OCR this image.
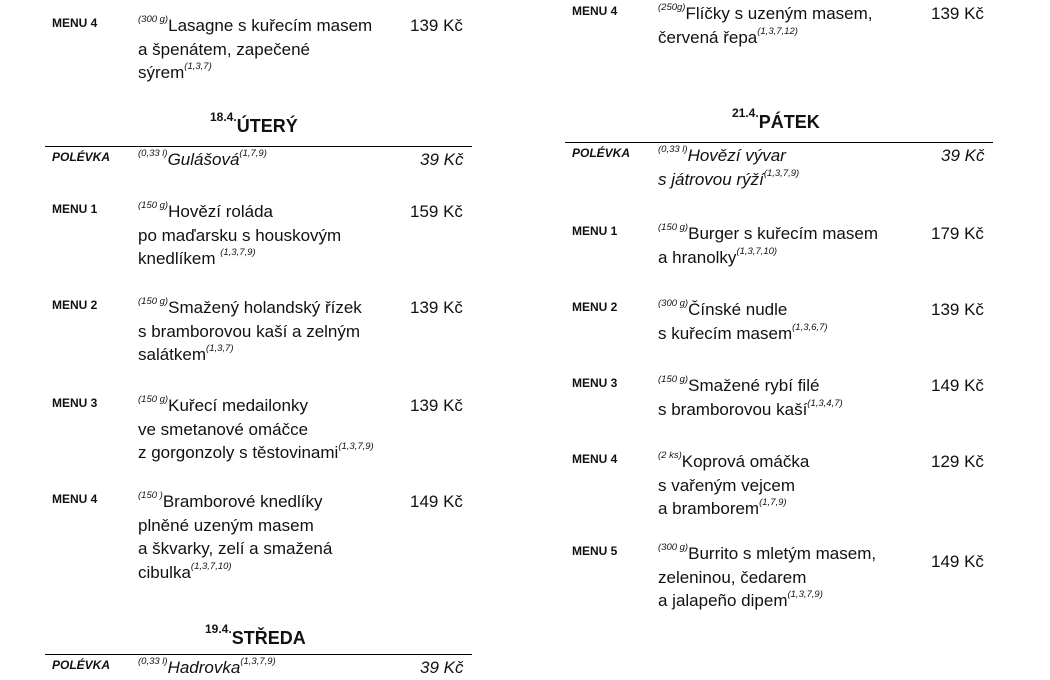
MENU 4	$^{(300 g)}$Lasagne s kuřecím masem
a špenátem, zapečené
sýrem$^{(1,3,7)}$
139 Kč
$^{18.4.}$ÚTERÝ
POLÉVKA	$^{(0,33 l)}$Gulášová$^{(1,7,9)}$	39 Kč
MENU 1	$^{(150 g)}$Hovězí roláda
po maďarsku s houskovým
knedlíkem $^{(1,3,7,9)}$
159 Kč
MENU 2	$^{(150 g)}$Smažený holandský řízek
s bramborovou kaší a zelným
salátkem$^{(1,3,7)}$
139 Kč
MENU 3	$^{(150 g)}$Kuřecí medailonky
ve smetanové omáčce
z gorgonzoly s těstovinami$^{(1,3,7,9)}$
139 Kč
MENU 4	$^{(150 )}$Bramborové knedlíky
plněné uzeným masem
a škvarky, zelí a smažená
cibulka$^{(1,3,7,10)}$
149 Kč
$^{19.4.}$STŘEDA
POLÉVKA	$^{(0,33 l)}$Hadrovka$^{(1,3,7,9)}$	39 Kč
MENU 4	$^{(250g)}$Flíčky s uzeným masem,
červená řepa$^{(1,3,7,12)}$
139 Kč
$^{21.4.}$PÁTEK
POLÉVKA	$^{(0,33 l)}$Hovězí vývar
s játrovou rýží$^{(1,3,7,9)}$
39 Kč
MENU 1	$^{(150 g)}$Burger s kuřecím masem
a hranolky$^{(1,3,7,10)}$
179 Kč
MENU 2	$^{(300 g)}$Čínské nudle
s kuřecím masem$^{(1,3,6,7)}$
139 Kč
MENU 3	$^{(150 g)}$Smažené rybí filé
s bramborovou kaší$^{(1,3,4,7)}$
149 Kč
MENU 4	$^{(2 ks)}$Koprová omáčka
s vařeným vejcem
a bramborem$^{(1,7,9)}$
129 Kč
MENU 5	$^{(300 g)}$Burrito s mletým masem,
zeleninou, čedarem
a jalapeño dipem$^{(1,3,7,9)}$
149 Kč
